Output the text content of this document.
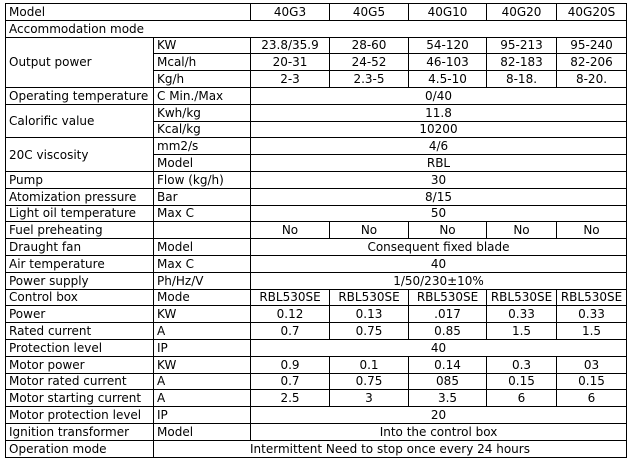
Model		40G3	40G5	40G10	40G20	40G20S
Accommodation mode						
Output power	KW	23.8/35.9	28-60	54-120	95-213	95-240
	Mcal/h	20-31	24-52	46-103	82-183	82-206
	Kg/h	2-3	2.3-5	4.5-10	8-18.	8-20.
Operating temperature	C Min./Max	0/40				
Calorific value	Kwh/kg	11.8				
	Kcal/kg	10200				
20C viscosity	mm2/s	4/6				
	Model	RBL				
Pump	Flow (kg/h)	30				
Atomization pressure	Bar	8/15				
Light oil temperature	Max C	50				
Fuel preheating		No	No	No	No	No
Draught fan	Model	Consequent fixed blade				
Air temperature	Max C	40				
Power supply	Ph/Hz/V	1/50/230±10%				
Control box	Mode	RBL530SE	RBL530SE	RBL530SE	RBL530SE	RBL530SE
Power	KW	0.12	0.13	.017	0.33	0.33
Rated current	A	0.7	0.75	0.85	1.5	1.5
Protection level	IP	40				
Motor power	KW	0.9	0.1	0.14	0.3	03
Motor rated current	A	0.7	0.75	085	0.15	0.15
Motor starting current	A	2.5	3	3.5	6	6
Motor protection level	IP	20				
Ignition transformer	Model	Into the control box				
Operation mode	Intermittent Need to stop once every 24 hours					
